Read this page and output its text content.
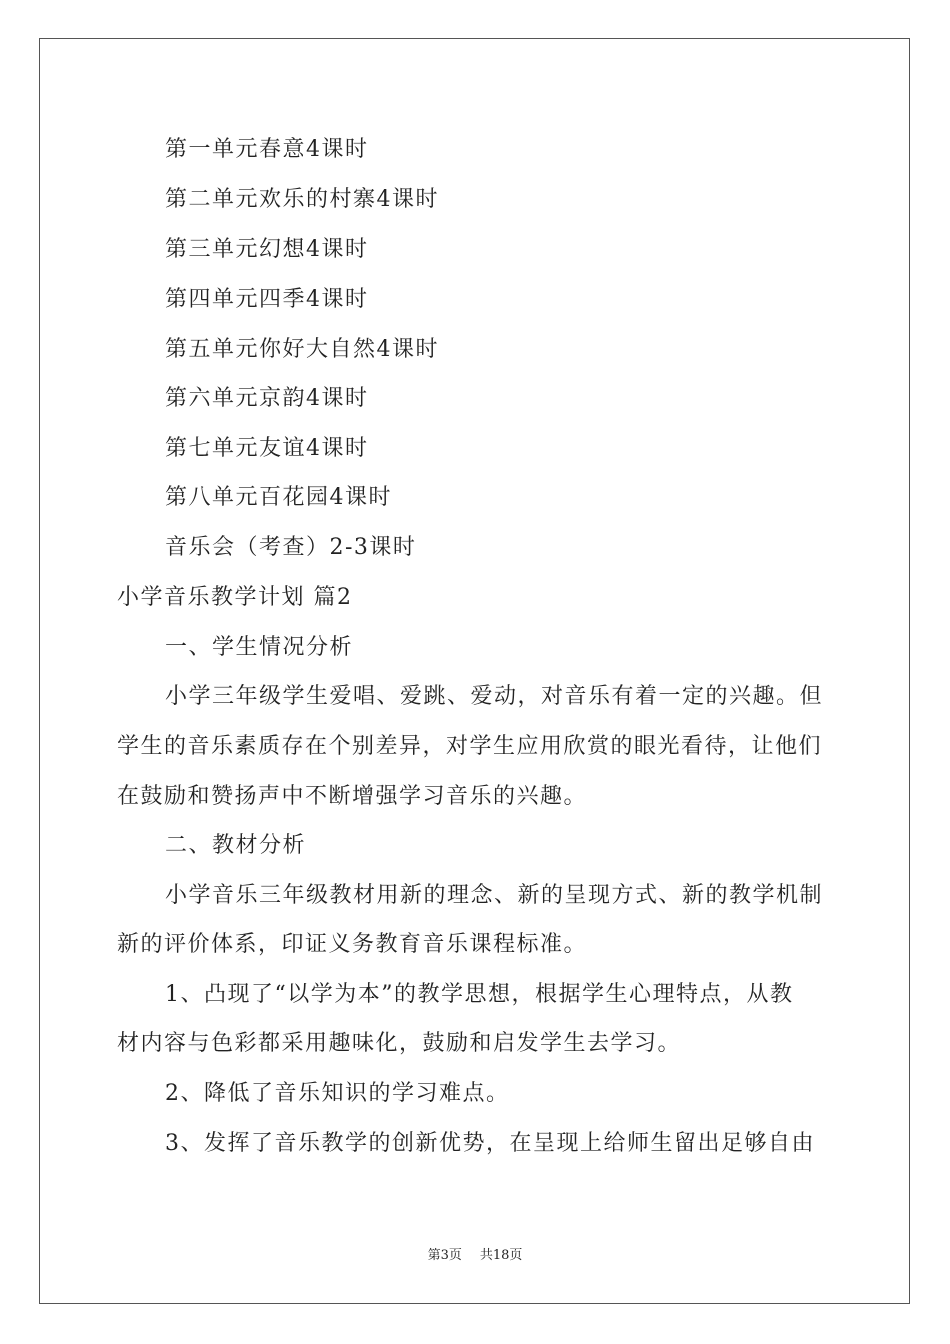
第一单元春意4课时
第二单元欢乐的村寨4课时
第三单元幻想4课时
第四单元四季4课时
第五单元你好大自然4课时
第六单元京韵4课时
第七单元友谊4课时
第八单元百花园4课时
音乐会（考查）2-3课时
小学音乐教学计划 篇2
一、学生情况分析
小学三年级学生爱唱、爱跳、爱动，对音乐有着一定的兴趣。但
学生的音乐素质存在个别差异，对学生应用欣赏的眼光看待，让他们
在鼓励和赞扬声中不断增强学习音乐的兴趣。
二、教材分析
小学音乐三年级教材用新的理念、新的呈现方式、新的教学机制
新的评价体系，印证义务教育音乐课程标准。
1、凸现了“以学为本”的教学思想，根据学生心理特点，从教
材内容与色彩都采用趣味化，鼓励和启发学生去学习。
2、降低了音乐知识的学习难点。
3、发挥了音乐教学的创新优势，在呈现上给师生留出足够自由
第3页 共18页
